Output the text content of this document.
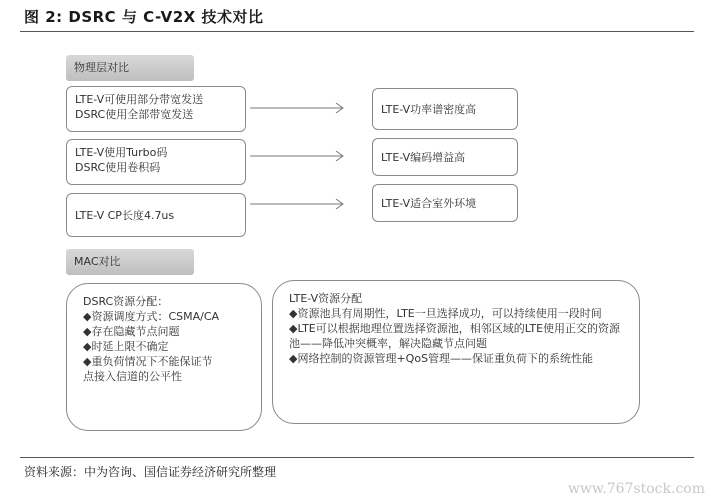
图 2: DSRC 与 C-V2X 技术对比
物理层对比
LTE-V可使用部分带宽发送
DSRC使用全部带宽发送	LTE-V功率谱密度高
LTE-V使用Turbo码
DSRC使用卷积码
LTE-V编码增益高
LTE-V CP长度4.7us
LTE-V适合室外环境
MAC对比
DSRC资源分配：
◆资源调度方式：CSMA/CA
◆存在隐藏节点问题
◆时延上限不确定
◆重负荷情况下不能保证节
点接入信道的公平性
LTE-V资源分配
◆资源池具有周期性，LTE一旦选择成功，可以持续使用一段时间
◆LTE可以根据地理位置选择资源池，相邻区域的LTE使用正交的资源池——降低冲突概率，解决隐藏节点问题
◆网络控制的资源管理+QoS管理——保证重负荷下的系统性能
资料来源：中为咨询、国信证券经济研究所整理
www.767stock.com
